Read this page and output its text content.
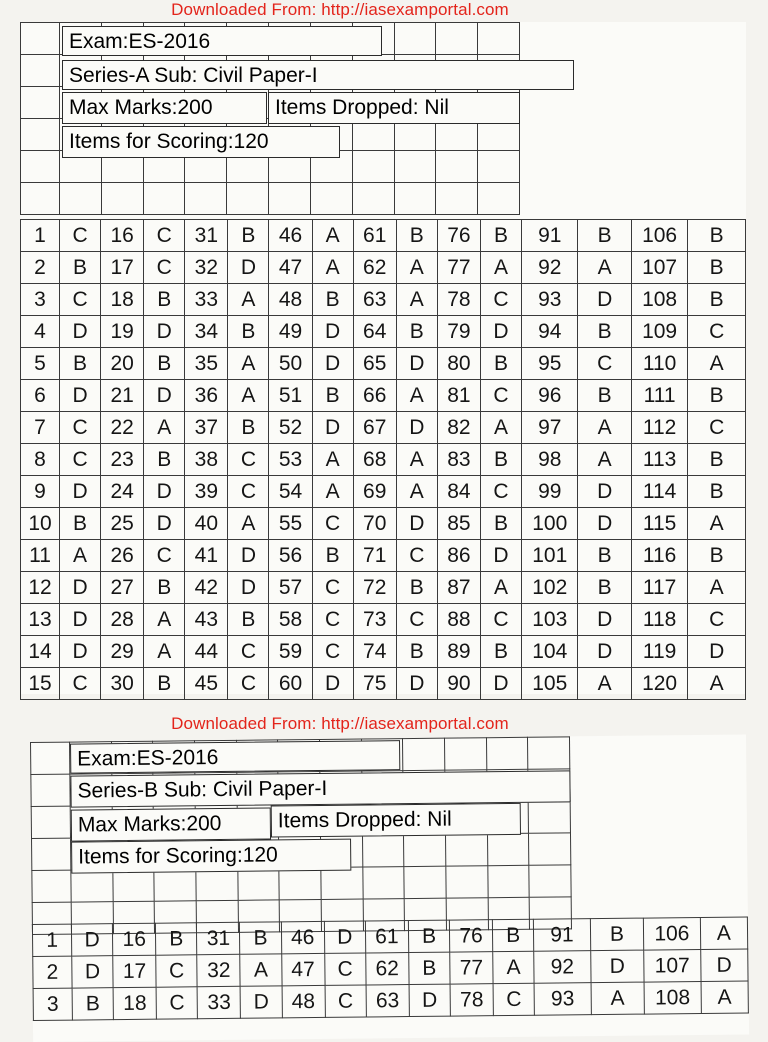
Downloaded From: http://iasexamportal.com

Exam:ES-2016
Series-A Sub: Civil Paper-I
Max Marks:200	Items Dropped: Nil
Items for Scoring:120
1	C	16	C	31	B	46	A	61	B	76	B	91	B	106	B
2	B	17	C	32	D	47	A	62	A	77	A	92	A	107	B
3	C	18	B	33	A	48	B	63	A	78	C	93	D	108	B
4	D	19	D	34	B	49	D	64	B	79	D	94	B	109	C
5	B	20	B	35	A	50	D	65	D	80	B	95	C	110	A
6	D	21	D	36	A	51	B	66	A	81	C	96	B	111	B
7	C	22	A	37	B	52	D	67	D	82	A	97	A	112	C
8	C	23	B	38	C	53	A	68	A	83	B	98	A	113	B
9	D	24	D	39	C	54	A	69	A	84	C	99	D	114	B
10	B	25	D	40	A	55	C	70	D	85	B	100	D	115	A
11	A	26	C	41	D	56	B	71	C	86	D	101	B	116	B
12	D	27	B	42	D	57	C	72	B	87	A	102	B	117	A
13	D	28	A	43	B	58	C	73	C	88	C	103	D	118	C
14	D	29	A	44	C	59	C	74	B	89	B	104	D	119	D
15	C	30	B	45	C	60	D	75	D	90	D	105	A	120	A
Downloaded From: http://iasexamportal.com

Exam:ES-2016
Series-B Sub: Civil Paper-I
Max Marks:200	Items Dropped: Nil
Items for Scoring:120
1	D	16	B	31	B	46	D	61	B	76	B	91	B	106	A
2	D	17	C	32	A	47	C	62	B	77	A	92	D	107	D
3	B	18	C	33	D	48	C	63	D	78	C	93	A	108	A
